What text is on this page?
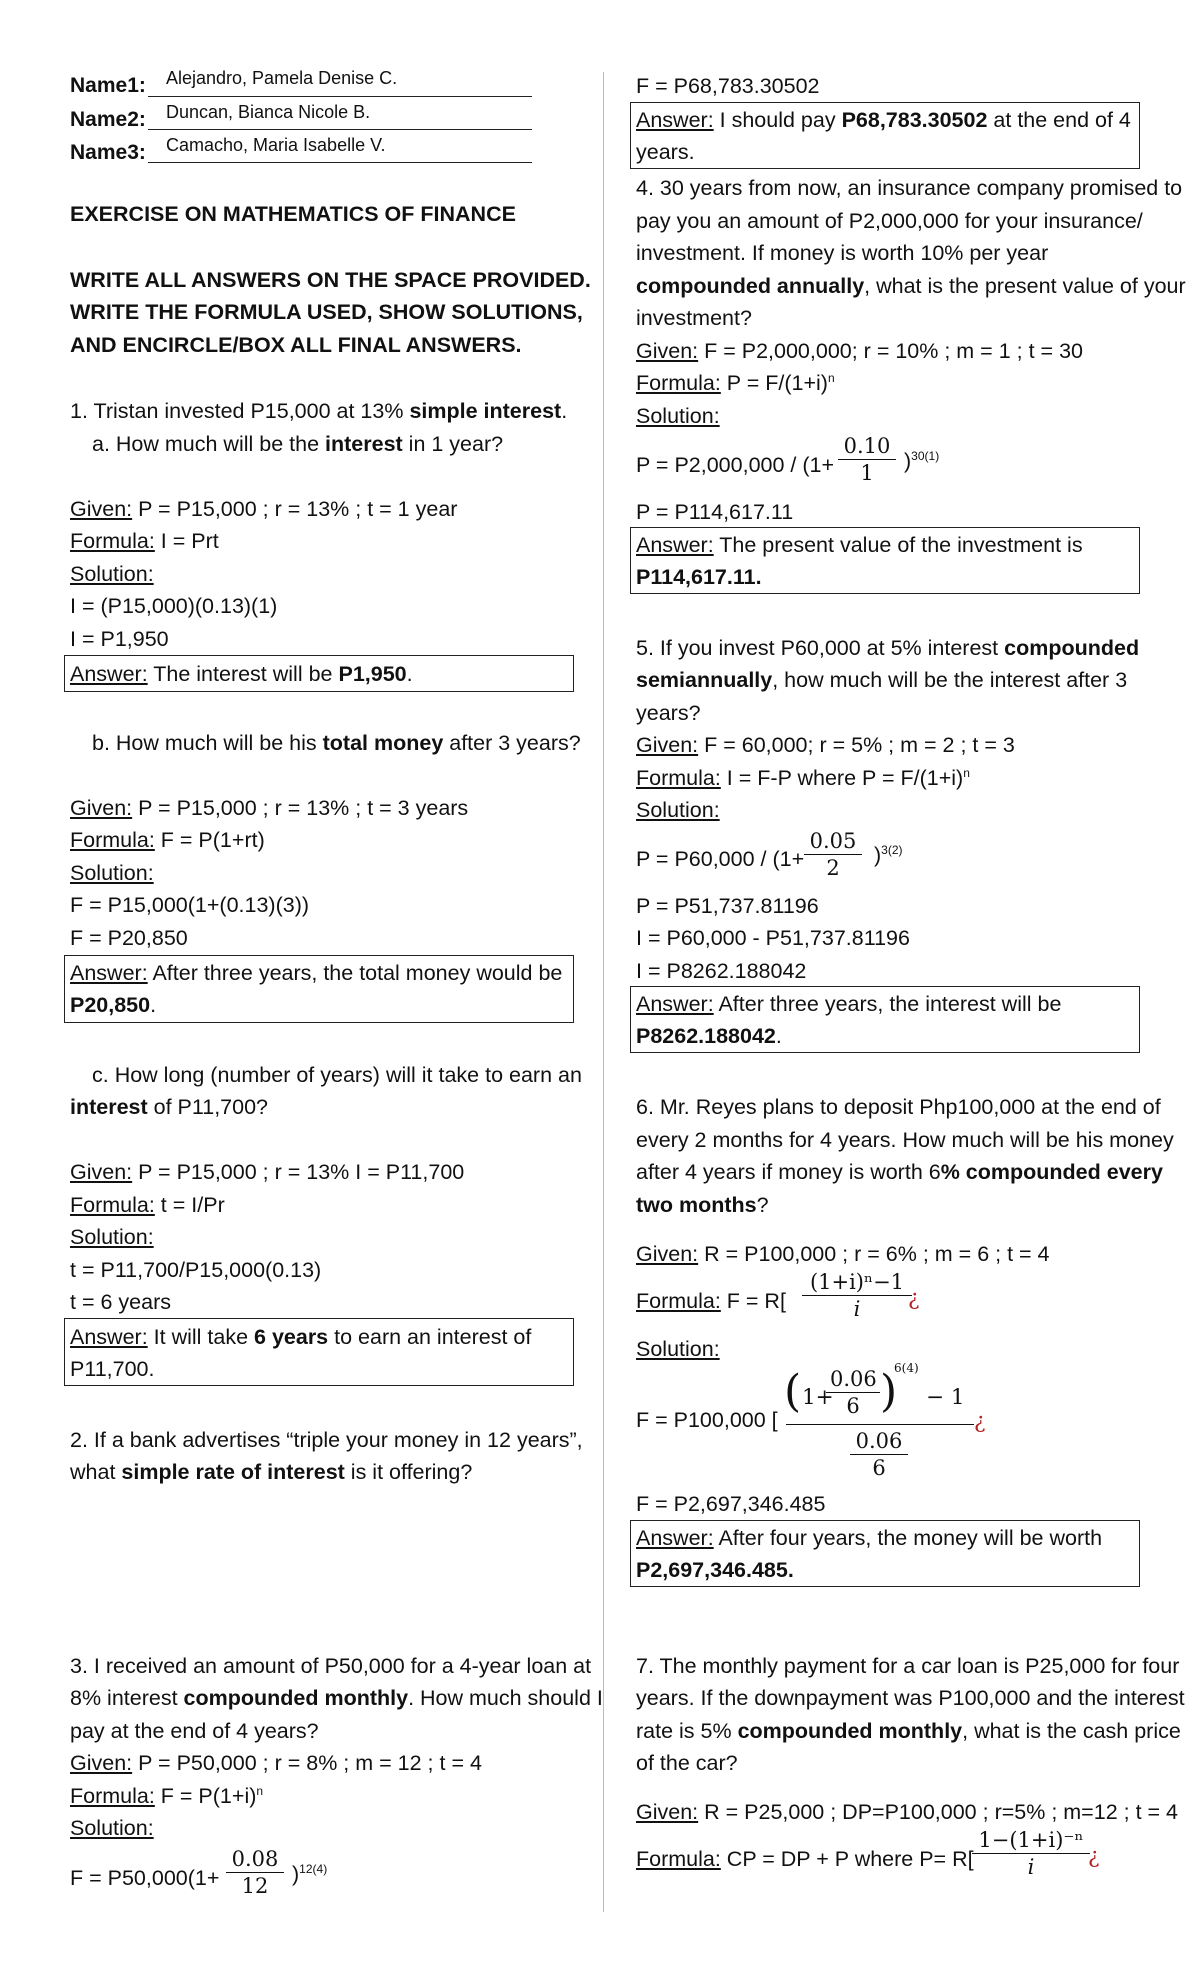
Name1: Alejandro, Pamela Denise C.
Name2: Duncan, Bianca Nicole B.
Name3: Camacho, Maria Isabelle V.
EXERCISE ON MATHEMATICS OF FINANCE
WRITE ALL ANSWERS ON THE SPACE PROVIDED.
WRITE THE FORMULA USED, SHOW SOLUTIONS,
AND ENCIRCLE/BOX ALL FINAL ANSWERS.
1. Tristan invested P15,000 at 13% simple interest.
a. How much will be the interest in 1 year?
Given: P = P15,000 ; r = 13% ; t = 1 year
Formula: I = Prt
Solution:
I = (P15,000)(0.13)(1)
I = P1,950
Answer: The interest will be P1,950.
b. How much will be his total money after 3 years?
Given: P = P15,000 ; r = 13% ; t = 3 years
Formula: F = P(1+rt)
Solution:
F = P15,000(1+(0.13)(3))
F = P20,850
Answer: After three years, the total money would be
P20,850.
c. How long (number of years) will it take to earn an
interest of P11,700?
Given: P = P15,000 ; r = 13% I = P11,700
Formula: t = I/Pr
Solution:
t = P11,700/P15,000(0.13)
t = 6 years
Answer: It will take 6 years to earn an interest of
P11,700.
2. If a bank advertises “triple your money in 12 years”,
what simple rate of interest is it offering?
3. I received an amount of P50,000 for a 4-year loan at
8% interest compounded monthly. How much should I
pay at the end of 4 years?
Given: P = P50,000 ; r = 8% ; m = 12 ; t = 4
Formula: $F = P(1+i)^n$
Solution:
$F = P50,000(1+ \frac{0.08}{12} )^{12(4)}$
F = P68,783.30502
Answer: I should pay P68,783.30502 at the end of 4
years.
4. 30 years from now, an insurance company promised to
pay you an amount of P2,000,000 for your insurance/
investment. If money is worth 10% per year
compounded annually, what is the present value of your
investment?
Given: F = P2,000,000; r = 10% ; m = 1 ; t = 30
Formula: $P = F/(1+i)^n$
Solution:
$P = P2,000,000 / (1+ \frac{0.10}{1} )^{30(1)}$
P = P114,617.11
Answer: The present value of the investment is
P114,617.11.
5. If you invest P60,000 at 5% interest compounded
semiannually, how much will be the interest after 3
years?
Given: F = 60,000; r = 5% ; m = 2 ; t = 3
Formula: I = F-P where $P = F/(1+i)^n$
Solution:
$P = P60,000 / (1+ \frac{0.05}{2} )^{3(2)}$
P = P51,737.81196
I = P60,000 - P51,737.81196
I = P8262.188042
Answer: After three years, the interest will be
P8262.188042.
6. Mr. Reyes plans to deposit Php100,000 at the end of
every 2 months for 4 years. How much will be his money
after 4 years if money is worth 6% compounded every
two months?
Given: R = P100,000 ; r = 6% ; m = 6 ; t = 4
Formula: $F = R[ \frac{\text{(1+i)ⁿ−1}}{i}$
¿
Solution:
F = P100,000 [
( 1+
$\frac{0.06}{6}$ )
6(4)
− 1
$\frac{0.06}{6}$
¿
F = P2,697,346.485
Answer: After four years, the money will be worth
P2,697,346.485.
7. The monthly payment for a car loan is P25,000 for four
years. If the downpayment was P100,000 and the interest
rate is 5% compounded monthly, what is the cash price
of the car?
Given: R = P25,000 ; DP=P100,000 ; r=5% ; m=12 ; t = 4
Formula: CP = DP + P where P= R[
$\frac{\text{1−(1+i)⁻ⁿ}}{i}$
¿
